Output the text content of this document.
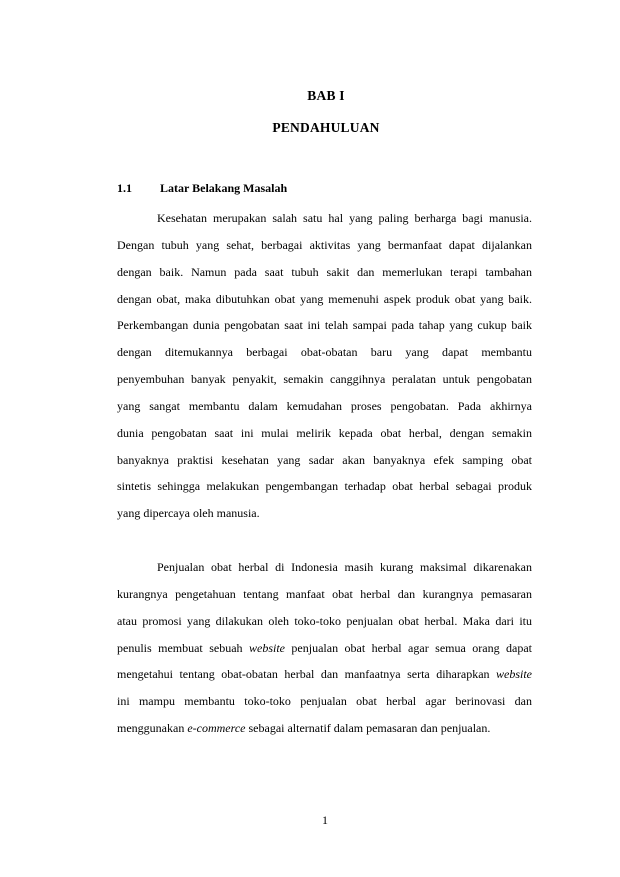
BAB I
PENDAHULUAN
1.1 Latar Belakang Masalah
Kesehatan merupakan salah satu hal yang paling berharga bagi manusia.
Dengan tubuh yang sehat, berbagai aktivitas yang bermanfaat dapat dijalankan
dengan baik. Namun pada saat tubuh sakit dan memerlukan terapi tambahan
dengan obat, maka dibutuhkan obat yang memenuhi aspek produk obat yang baik.
Perkembangan dunia pengobatan saat ini telah sampai pada tahap yang cukup baik
dengan ditemukannya berbagai obat-obatan baru yang dapat membantu
penyembuhan banyak penyakit, semakin canggihnya peralatan untuk pengobatan
yang sangat membantu dalam kemudahan proses pengobatan. Pada akhirnya
dunia pengobatan saat ini mulai melirik kepada obat herbal, dengan semakin
banyaknya praktisi kesehatan yang sadar akan banyaknya efek samping obat
sintetis sehingga melakukan pengembangan terhadap obat herbal sebagai produk
yang dipercaya oleh manusia.
Penjualan obat herbal di Indonesia masih kurang maksimal dikarenakan
kurangnya pengetahuan tentang manfaat obat herbal dan kurangnya pemasaran
atau promosi yang dilakukan oleh toko-toko penjualan obat herbal. Maka dari itu
penulis membuat sebuah website penjualan obat herbal agar semua orang dapat
mengetahui tentang obat-obatan herbal dan manfaatnya serta diharapkan website
ini mampu membantu toko-toko penjualan obat herbal agar berinovasi dan
menggunakan e-commerce sebagai alternatif dalam pemasaran dan penjualan.
1
